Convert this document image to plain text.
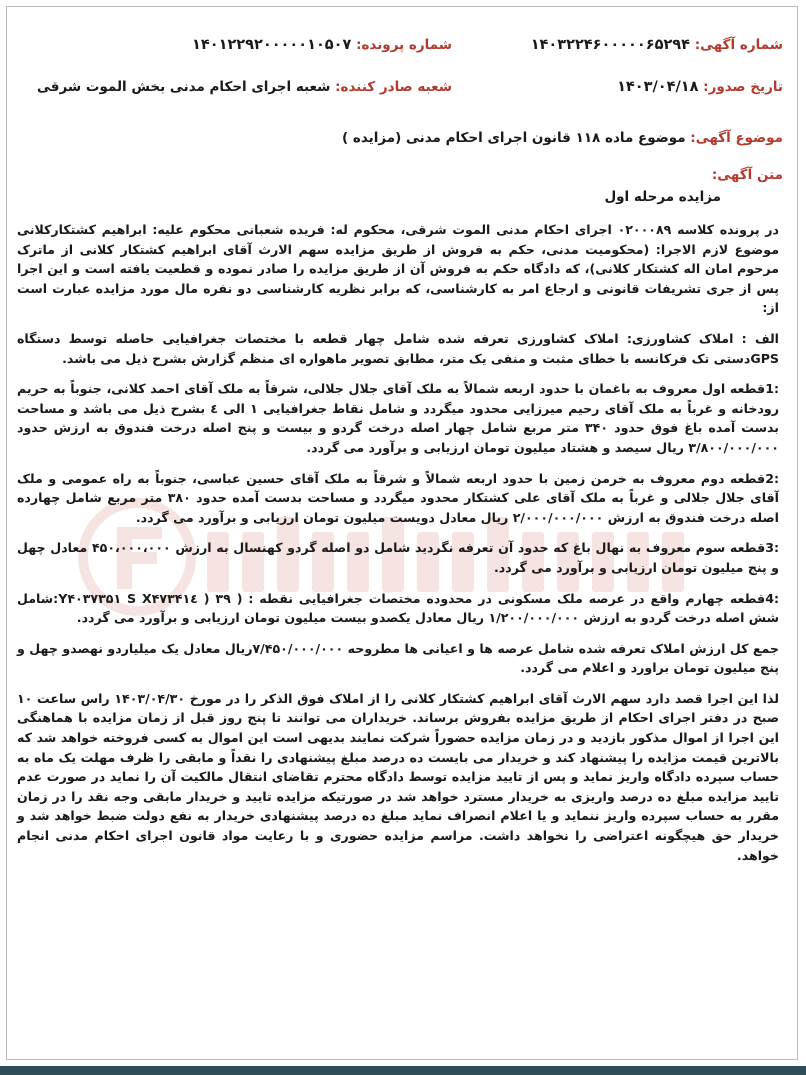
شماره آگهی: ۱۴۰۳۲۲۴۶۰۰۰۰۰۶۵۲۹۴
شماره پرونده: ۱۴۰۱۲۲۹۲۰۰۰۰۰۱۰۵۰۷
تاریخ صدور: ۱۴۰۳/۰۴/۱۸
شعبه صادر کننده: شعبه اجرای احکام مدنی بخش الموت شرقی
موضوع آگهی: موضوع ماده ۱۱۸ قانون اجرای احکام مدنی (مزایده )
متن آگهی:
مزایده مرحله اول

در پرونده کلاسه ۰۲۰۰۰۸۹ اجرای احکام مدنی الموت شرقی، محکوم له: فریده شعبانی محکوم علیه: ابراهیم کشتکارکلانی موضوع لازم الاجرا: (محکومیت مدنی، حکم به فروش از طریق مزایده سهم الارث آقای ابراهیم کشتکار کلانی از ماترک مرحوم امان اله کشتکار کلانی)، که دادگاه حکم به فروش آن از طریق مزایده را صادر نموده و قطعیت یافته است و این اجرا پس از جری تشریفات قانونی و ارجاع امر به کارشناسی، که برابر نظریه کارشناسی دو نفره مال مورد مزایده عبارت است از:

الف : املاک کشاورزی: املاک کشاورزی تعرفه شده شامل چهار قطعه با مختصات جغرافیایی حاصله توسط دستگاه GPSدستی تک فرکانسه با خطای مثبت و منفی یک متر، مطابق تصویر ماهواره ای منظم گزارش بشرح ذیل می باشد.

:1قطعه اول معروف به باغمان با حدود اربعه شمالاً به ملک آقای جلال جلالی، شرقاً به ملک آقای احمد کلانی، جنوباً به حریم رودخانه و غرباً به ملک آقای رحیم میرزایی محدود میگردد و شامل نقاط جغرافیایی ۱ الی ٤ بشرح ذیل می باشد و مساحت بدست آمده باغ فوق حدود ۳۴۰ متر مربع شامل چهار اصله درخت گردو و بیست و پنج اصله درخت فندوق به ارزش حدود ۳/۸۰۰/۰۰۰/۰۰۰ ریال سیصد و هشتاد میلیون تومان ارزیابی و برآورد می گردد.

:2قطعه دوم معروف به خرمن زمین با حدود اربعه شمالاً و شرقاً به ملک آقای حسین عباسی، جنوباً به راه عمومی و ملک آقای جلال جلالی و غرباً به ملک آقای علی کشتکار محدود میگردد و مساحت بدست آمده حدود ۳۸۰ متر مربع شامل چهارده اصله درخت فندوق به ارزش ۲/۰۰۰/۰۰۰/۰۰۰ ریال معادل دویست میلیون تومان ارزیابی و برآورد می گردد.

:3قطعه سوم معروف به نهال باغ که حدود آن تعرفه نگردید شامل دو اصله گردو کهنسال به ارزش ۴۵۰،۰۰۰،۰۰۰ معادل چهل و پنج میلیون تومان ارزیابی و برآورد می گردد.

:4قطعه چهارم واقع در عرصه ملک مسکونی در محدوده مختصات جغرافیایی نقطه : ( ۳۹ ( X۴۷۳۴۱٤ Y۴۰۳۷۳۵۱ S:شامل شش اصله درخت گردو به ارزش ۱/۲۰۰/۰۰۰/۰۰۰ ریال معادل یکصدو بیست میلیون تومان ارزیابی و برآورد می گردد.

جمع کل ارزش املاک تعرفه شده شامل عرصه ها و اعیانی ها مطروحه ۷/۴۵۰/۰۰۰/۰۰۰ریال معادل یک میلیاردو نهصدو چهل و پنج میلیون تومان براورد و اعلام می گردد.

لذا این اجرا قصد دارد سهم الارث آقای ابراهیم کشتکار کلانی را از املاک فوق الذکر را در مورخ ۱۴۰۳/۰۴/۳۰ راس ساعت ۱۰ صبح در دفتر اجرای احکام از طریق مزایده بفروش برساند. خریداران می توانند تا پنج روز قبل از زمان مزایده با هماهنگی این اجرا از اموال مذکور بازدید و در زمان مزایده حضوراً شرکت نمایند بدیهی است این اموال به کسی فروخته خواهد شد که بالاترین قیمت مزایده را پیشنهاد کند و خریدار می بایست ده درصد مبلغ پیشنهادی را نقداً و مابقی را ظرف مهلت یک ماه به حساب سپرده دادگاه واریز نماید و پس از تایید مزایده توسط دادگاه محترم تقاضای انتقال مالکیت آن را نماید در صورت عدم تایید مزایده مبلغ ده درصد واریزی به خریدار مسترد خواهد شد در صورتیکه مزایده تایید و خریدار مابقی وجه نقد را در زمان مقرر به حساب سپرده واریز ننماید و یا اعلام انصراف نماید مبلغ ده درصد پیشنهادی خریدار به نفع دولت ضبط خواهد شد و خریدار حق هیچگونه اعتراضی را نخواهد داشت. مراسم مزایده حضوری و با رعایت مواد قانون اجرای احکام مدنی انجام خواهد.
